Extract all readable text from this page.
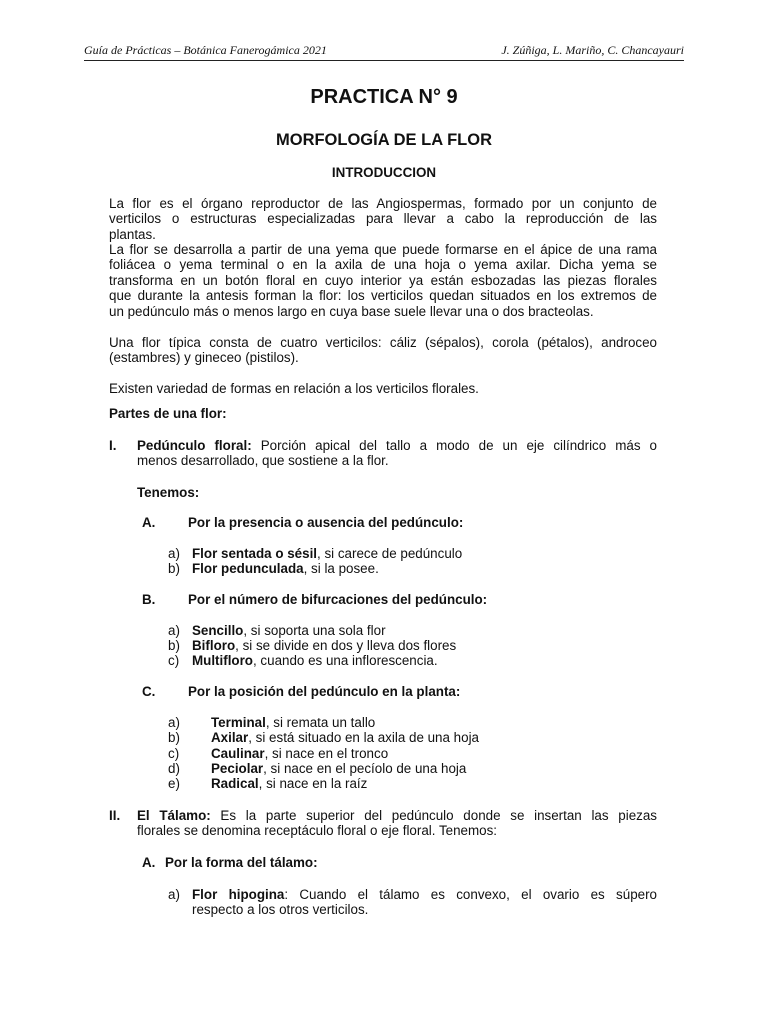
Guía de Prácticas – Botánica Fanerogámica 2021	J. Zúñiga, L. Mariño, C. Chancayauri
PRACTICA N° 9
MORFOLOGÍA DE LA FLOR
INTRODUCCION
La flor es el órgano reproductor de las Angiospermas, formado por un conjunto de
verticilos o estructuras especializadas para llevar a cabo la reproducción de las
plantas.
La flor se desarrolla a partir de una yema que puede formarse en el ápice de una rama
foliácea o yema terminal o en la axila de una hoja o yema axilar. Dicha yema se
transforma en un botón floral en cuyo interior ya están esbozadas las piezas florales
que durante la antesis forman la flor: los verticilos quedan situados en los extremos de
un pedúnculo más o menos largo en cuya base suele llevar una o dos bracteolas.
Una flor típica consta de cuatro verticilos: cáliz (sépalos), corola (pétalos), androceo
(estambres) y gineceo (pistilos).
Existen variedad de formas en relación a los verticilos florales.
Partes de una flor:
I. Pedúnculo floral: Porción apical del tallo a modo de un eje cilíndrico más o
menos desarrollado, que sostiene a la flor.
Tenemos:
A. Por la presencia o ausencia del pedúnculo:
a) Flor sentada o sésil, si carece de pedúnculo
b) Flor pedunculada, si la posee.
B. Por el número de bifurcaciones del pedúnculo:
a) Sencillo, si soporta una sola flor
b) Bifloro, si se divide en dos y lleva dos flores
c) Multifloro, cuando es una inflorescencia.
C. Por la posición del pedúnculo en la planta:
a) Terminal, si remata un tallo
b) Axilar, si está situado en la axila de una hoja
c) Caulinar, si nace en el tronco
d) Peciolar, si nace en el pecíolo de una hoja
e) Radical, si nace en la raíz
II. El Tálamo: Es la parte superior del pedúnculo donde se insertan las piezas
florales se denomina receptáculo floral o eje floral. Tenemos:
A. Por la forma del tálamo:
a) Flor hipogina: Cuando el tálamo es convexo, el ovario es súpero
respecto a los otros verticilos.
